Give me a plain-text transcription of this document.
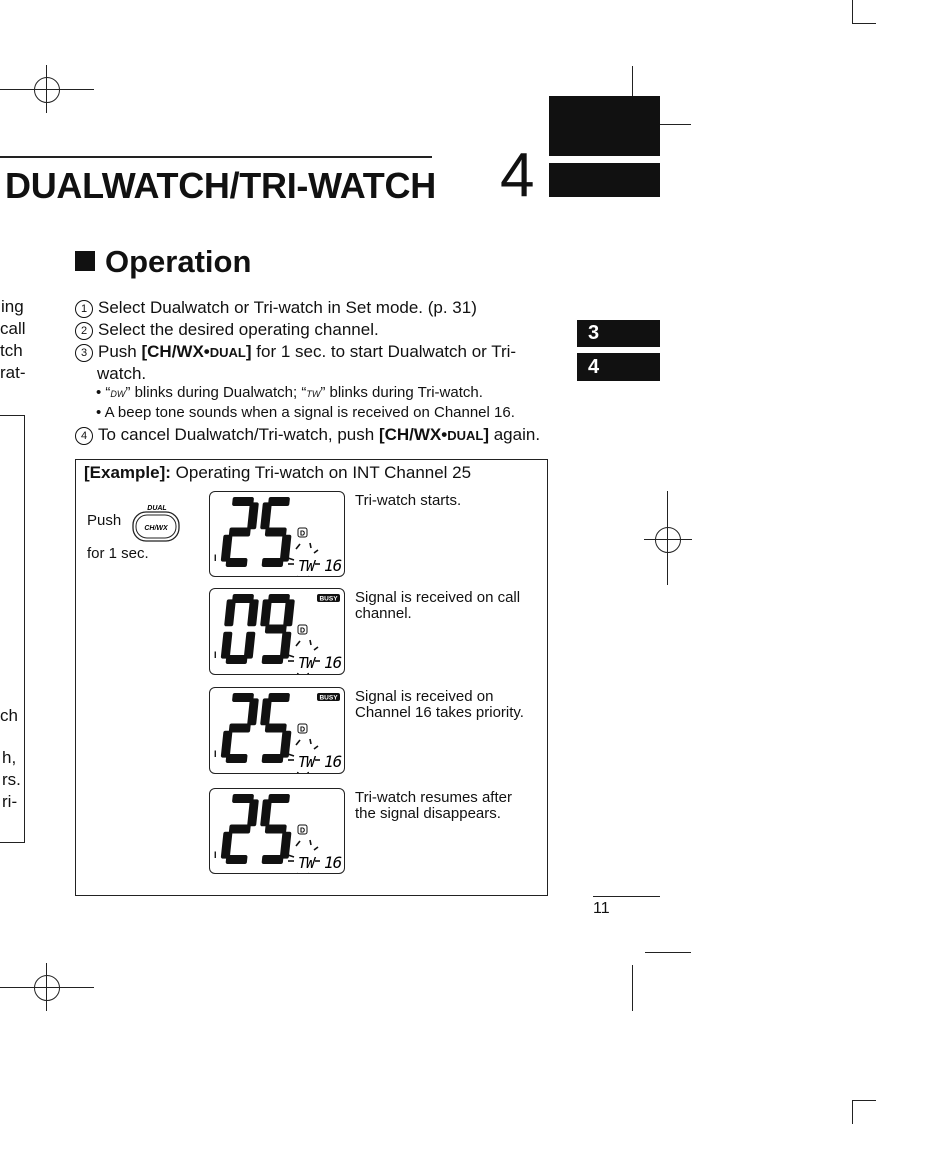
DUALWATCH/TRI-WATCH 4
ing
call
tch
rat-
ch
h,
rs.
ri-
Operation
1 Select Dualwatch or Tri-watch in Set mode. (p. 31)
2 Select the desired operating channel.
3 Push [CH/WX•DUAL] for 1 sec. to start Dualwatch or Tri-
watch.
• “DW” blinks during Dualwatch; “TW” blinks during Tri-watch.
• A beep tone sounds when a signal is received on Channel 16.
4 To cancel Dualwatch/Tri-watch, push [CH/WX•DUAL] again.
3
4
[Example]: Operating Tri-watch on INT Channel 25
Push
DUAL
CH/WX
for 1 sec.	I
D
TW 16
Tri-watch starts.
I
D
BUSY
TW 16
Signal is received on call
channel.
I
D
BUSY
TW 16
Signal is received on
Channel 16 takes priority.
I
D
TW 16
Tri-watch resumes after
the signal disappears.
11
